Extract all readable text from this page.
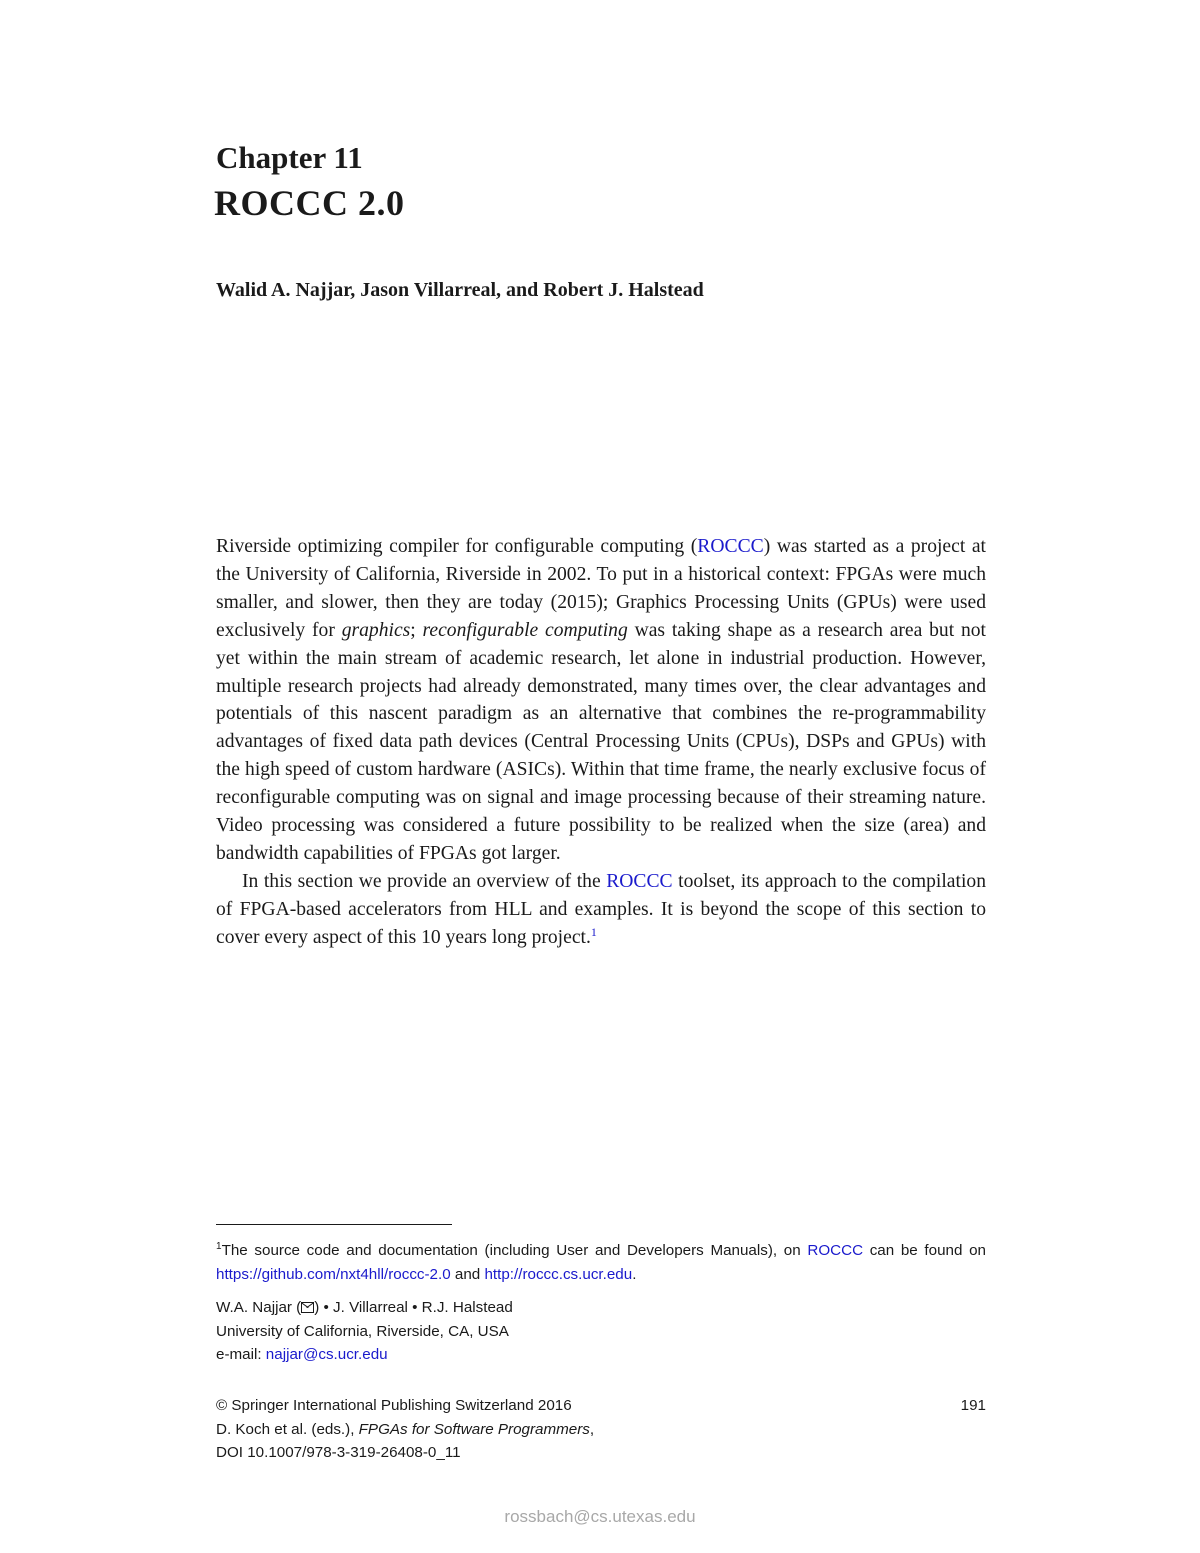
Chapter 11
ROCCC 2.0
Walid A. Najjar, Jason Villarreal, and Robert J. Halstead

Riverside optimizing compiler for configurable computing (ROCCC) was started as a project at the University of California, Riverside in 2002. To put in a historical context: FPGAs were much smaller, and slower, then they are today (2015); Graphics Processing Units (GPUs) were used exclusively for graphics; reconfigurable computing was taking shape as a research area but not yet within the main stream of academic research, let alone in industrial production. However, multiple research projects had already demonstrated, many times over, the clear advantages and potentials of this nascent paradigm as an alternative that combines the re-programmability advantages of fixed data path devices (Central Processing Units (CPUs), DSPs and GPUs) with the high speed of custom hardware (ASICs). Within that time frame, the nearly exclusive focus of reconfigurable computing was on signal and image processing because of their streaming nature. Video processing was considered a future possibility to be realized when the size (area) and bandwidth capabilities of FPGAs got larger.

In this section we provide an overview of the ROCCC toolset, its approach to the compilation of FPGA-based accelerators from HLL and examples. It is beyond the scope of this section to cover every aspect of this 10 years long project.$^1$

$^1$The source code and documentation (including User and Developers Manuals), on ROCCC can be found on https://github.com/nxt4hll/roccc-2.0 and http://roccc.cs.ucr.edu.

W.A. Najjar ( ) • J. Villarreal • R.J. Halstead
University of California, Riverside, CA, USA
e-mail: najjar@cs.ucr.edu
© Springer International Publishing Switzerland 2016
D. Koch et al. (eds.), FPGAs for Software Programmers,
DOI 10.1007/978-3-319-26408-0_11
191
rossbach@cs.utexas.edu
